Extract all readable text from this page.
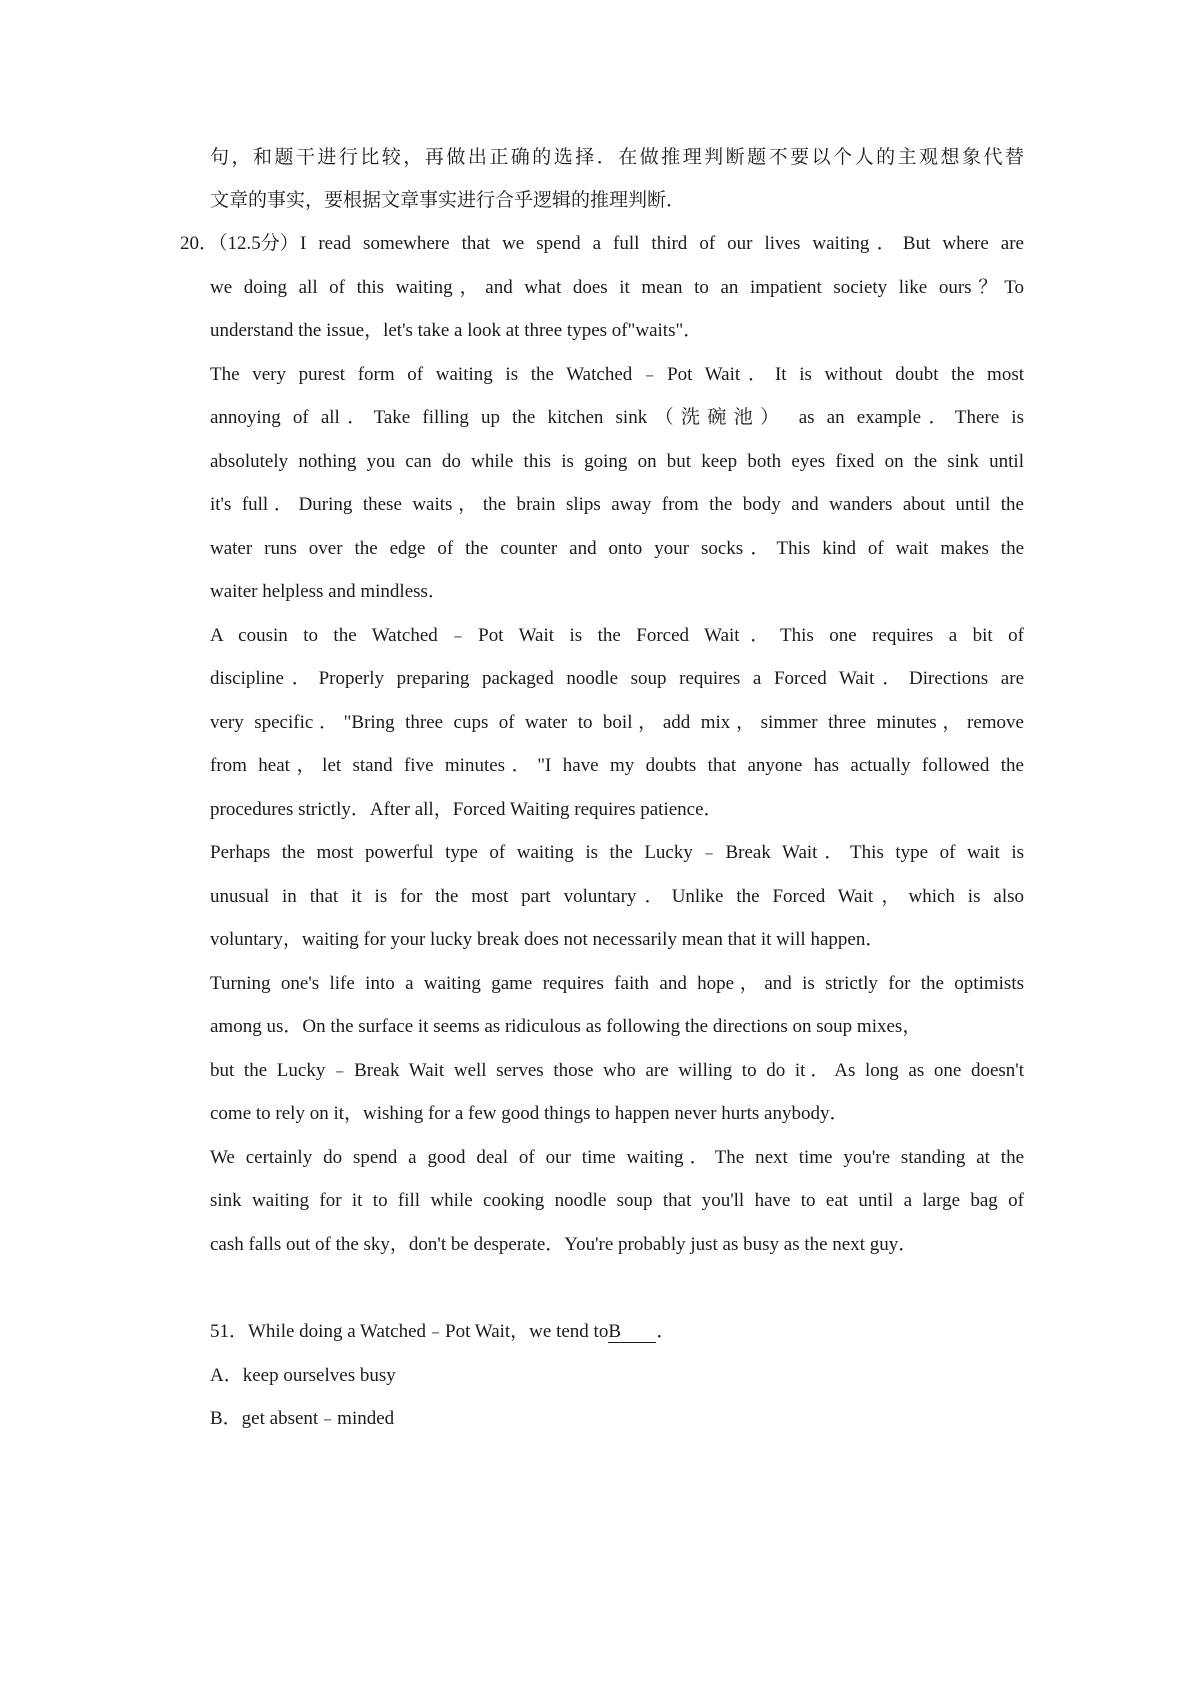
句，和题干进行比较，再做出正确的选择．在做推理判断题不要以个人的主观想象代替
文章的事实，要根据文章事实进行合乎逻辑的推理判断．
20．（12.5分） I read somewhere that we spend a full third of our lives waiting．But where are
we doing all of this waiting，and what does it mean to an impatient society like ours？To
understand the issue，let's take a look at three types of"waits"．
The very purest form of waiting is the Watched﹣Pot Wait．It is without doubt the most
annoying of all．Take filling up the kitchen sink（洗碗池） as an example．There is
absolutely nothing you can do while this is going on but keep both eyes fixed on the sink until
it's full．During these waits，the brain slips away from the body and wanders about until the
water runs over the edge of the counter and onto your socks．This kind of wait makes the
waiter helpless and mindless．
A cousin to the Watched﹣Pot Wait is the Forced Wait．This one requires a bit of
discipline．Properly preparing packaged noodle soup requires a Forced Wait．Directions are
very specific．"Bring three cups of water to boil，add mix，simmer three minutes，remove
from heat，let stand five minutes．"I have my doubts that anyone has actually followed the
procedures strictly．After all，Forced Waiting requires patience．
Perhaps the most powerful type of waiting is the Lucky﹣Break Wait．This type of wait is
unusual in that it is for the most part voluntary．Unlike the Forced Wait，which is also
voluntary，waiting for your lucky break does not necessarily mean that it will happen．
Turning one's life into a waiting game requires faith and hope，and is strictly for the optimists
among us．On the surface it seems as ridiculous as following the directions on soup mixes，
but the Lucky﹣Break Wait well serves those who are willing to do it．As long as one doesn't
come to rely on it，wishing for a few good things to happen never hurts anybody．
We certainly do spend a good deal of our time waiting．The next time you're standing at the
sink waiting for it to fill while cooking noodle soup that you'll have to eat until a large bag of
cash falls out of the sky，don't be desperate．You're probably just as busy as the next guy．
51．While doing a Watched﹣Pot Wait，we tend toB ．
A．keep ourselves busy
B．get absent﹣minded
